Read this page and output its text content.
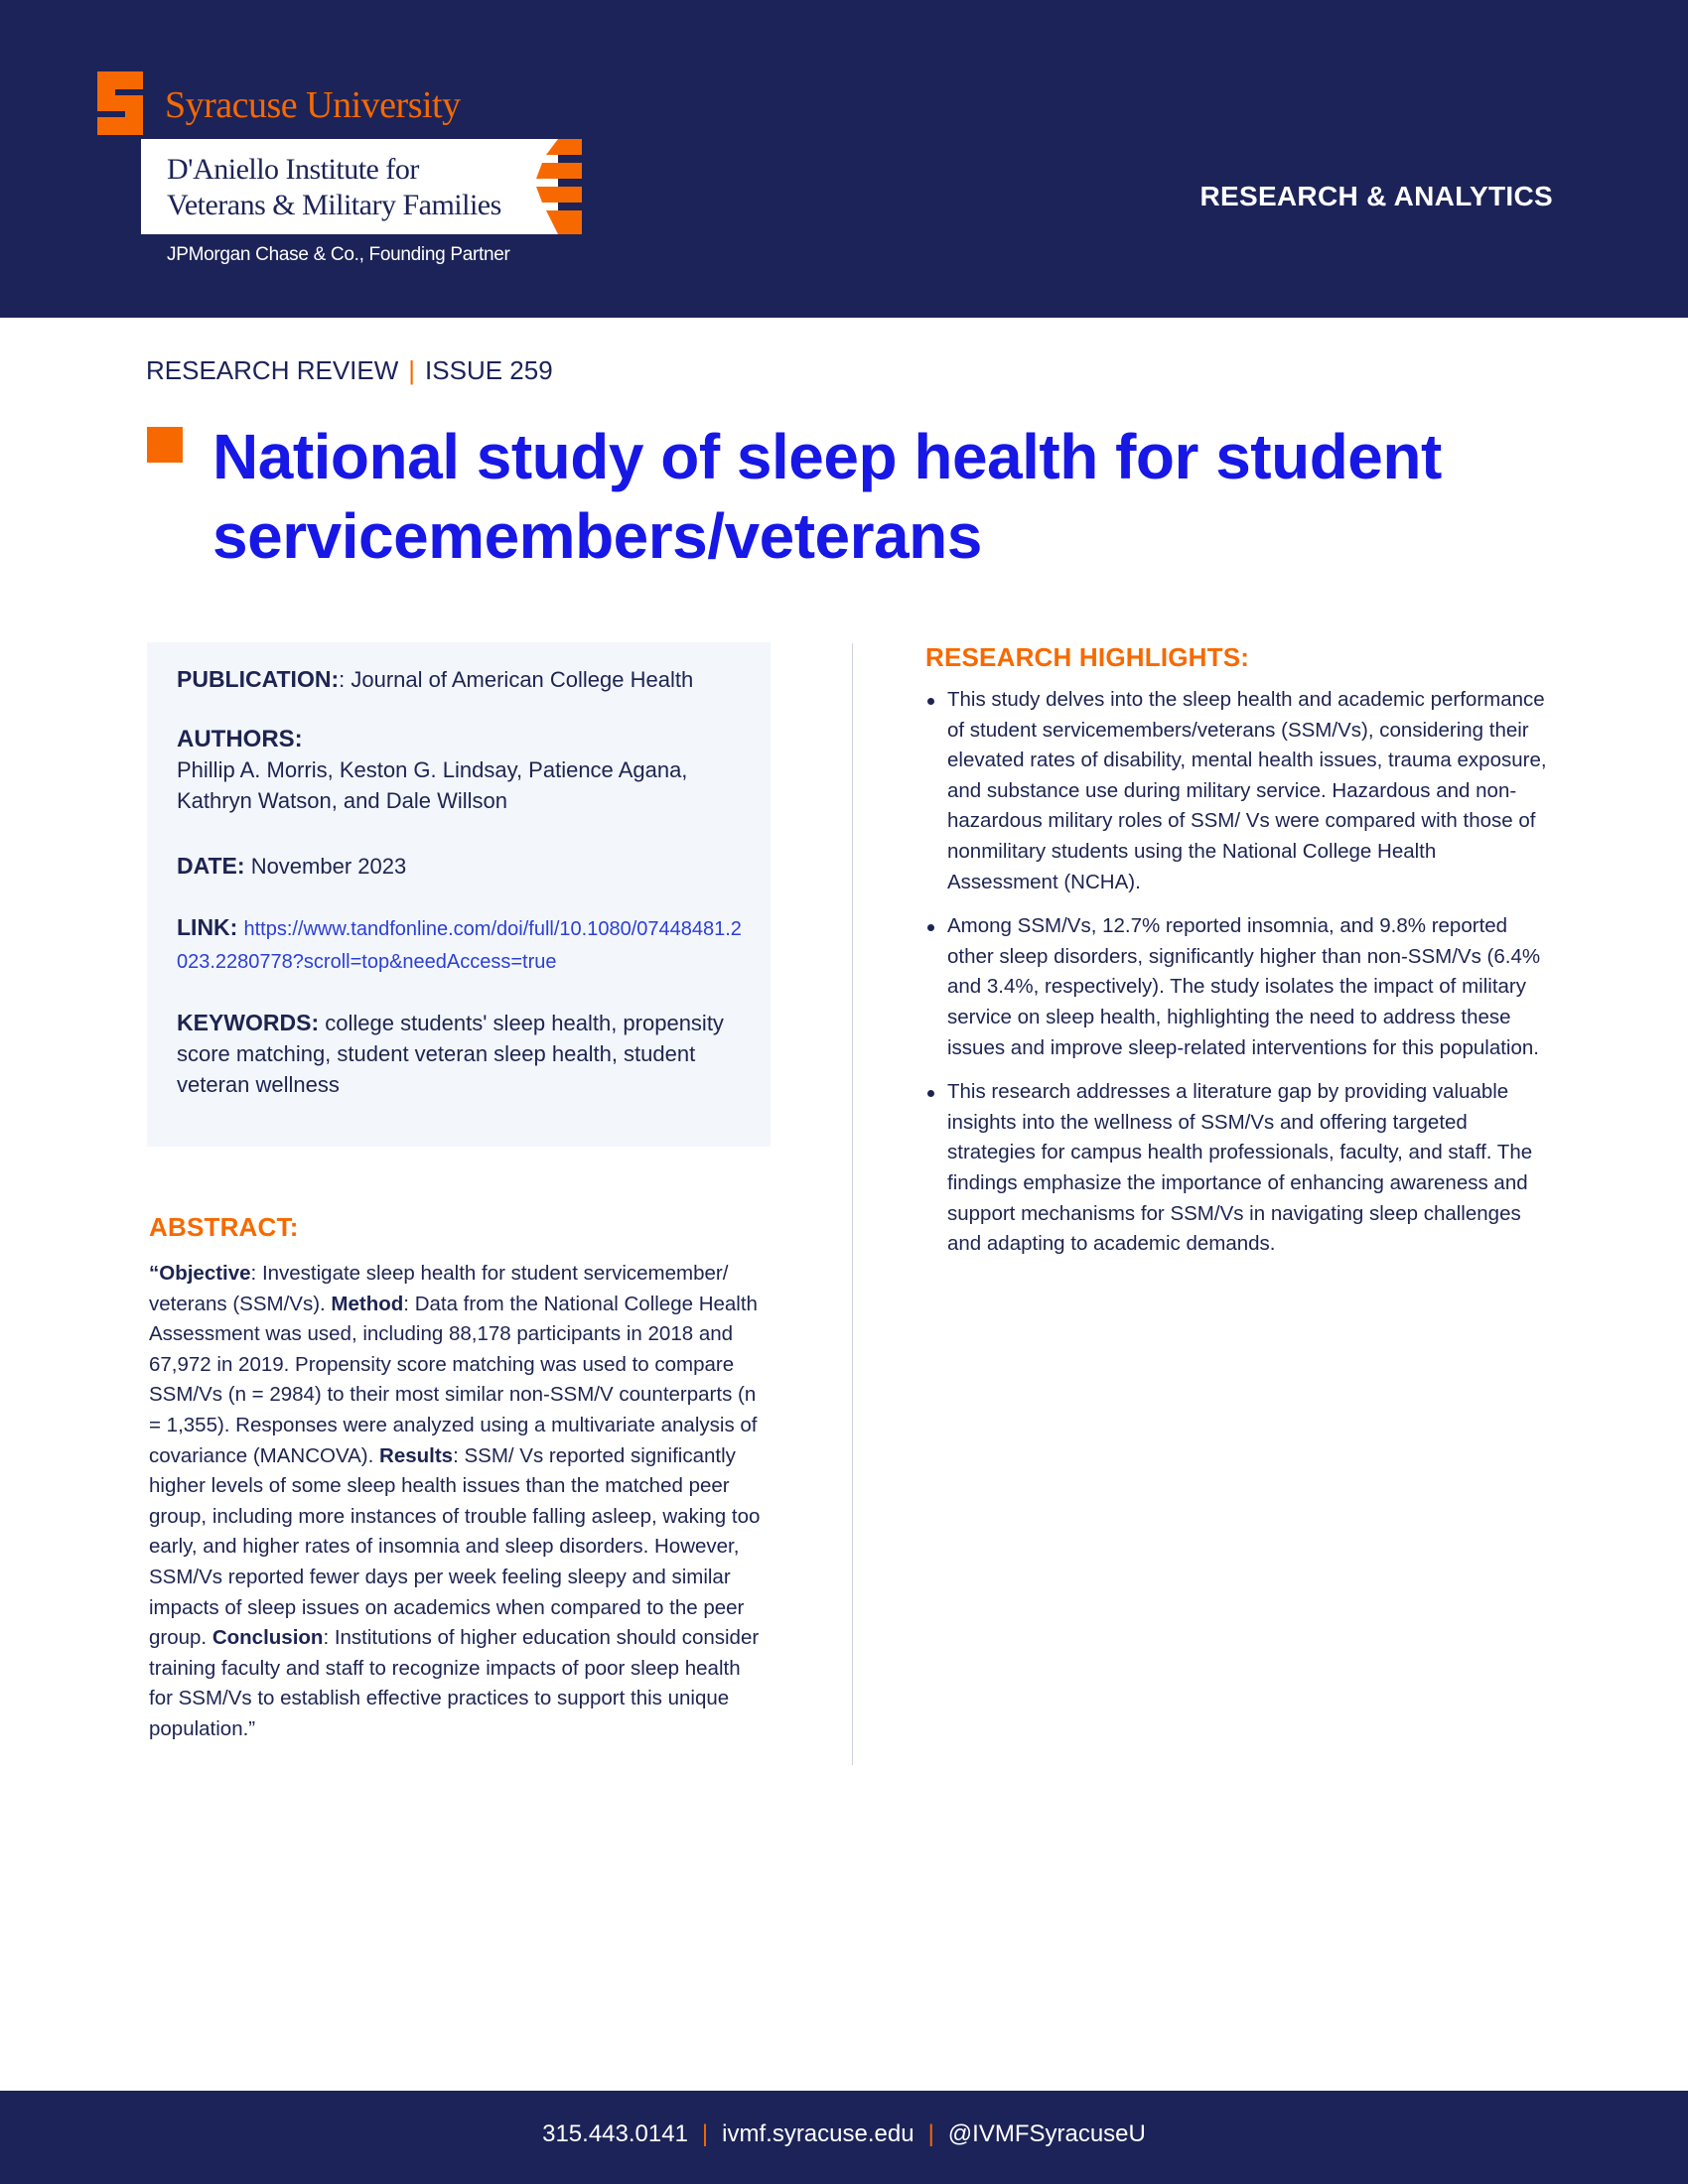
Syracuse University
D'Aniello Institute for
Veterans & Military Families
JPMorgan Chase & Co., Founding Partner
RESEARCH & ANALYTICS
RESEARCH REVIEW | ISSUE 259
National study of sleep health for student servicemembers/veterans
PUBLICATION:: Journal of American College Health
AUTHORS:
Phillip A. Morris, Keston G. Lindsay, Patience Agana,
Kathryn Watson, and Dale Willson
DATE: November 2023
LINK: https://www.tandfonline.com/doi/full/10.1080/07448481.2023.2280778?scroll=top&needAccess=true
KEYWORDS: college students' sleep health, propensity score matching, student veteran sleep health, student veteran wellness
ABSTRACT:

“Objective: Investigate sleep health for student servicemember/ veterans (SSM/Vs). Method: Data from the National College Health Assessment was used, including 88,178 participants in 2018 and 67,972 in 2019. Propensity score matching was used to compare SSM/Vs (n = 2984) to their most similar non-SSM/V counterparts (n = 1,355). Responses were analyzed using a multivariate analysis of covariance (MANCOVA). Results: SSM/ Vs reported significantly higher levels of some sleep health issues than the matched peer group, including more instances of trouble falling asleep, waking too early, and higher rates of insomnia and sleep disorders. However, SSM/Vs reported fewer days per week feeling sleepy and similar impacts of sleep issues on academics when compared to the peer group. Conclusion: Institutions of higher education should consider training faculty and staff to recognize impacts of poor sleep health for SSM/Vs to establish effective practices to support this unique population.”

RESEARCH HIGHLIGHTS:
This study delves into the sleep health and academic performance of student servicemembers/veterans (SSM/Vs), considering their elevated rates of disability, mental health issues, trauma exposure, and substance use during military service. Hazardous and non-hazardous military roles of SSM/ Vs were compared with those of nonmilitary students using the National College Health Assessment (NCHA).
Among SSM/Vs, 12.7% reported insomnia, and 9.8% reported other sleep disorders, significantly higher than non-SSM/Vs (6.4% and 3.4%, respectively). The study isolates the impact of military service on sleep health, highlighting the need to address these issues and improve sleep-related interventions for this population.
This research addresses a literature gap by providing valuable insights into the wellness of SSM/Vs and offering targeted strategies for campus health professionals, faculty, and staff. The findings emphasize the importance of enhancing awareness and support mechanisms for SSM/Vs in navigating sleep challenges and adapting to academic demands.
315.443.0141 | ivmf.syracuse.edu | @IVMFSyracuseU
